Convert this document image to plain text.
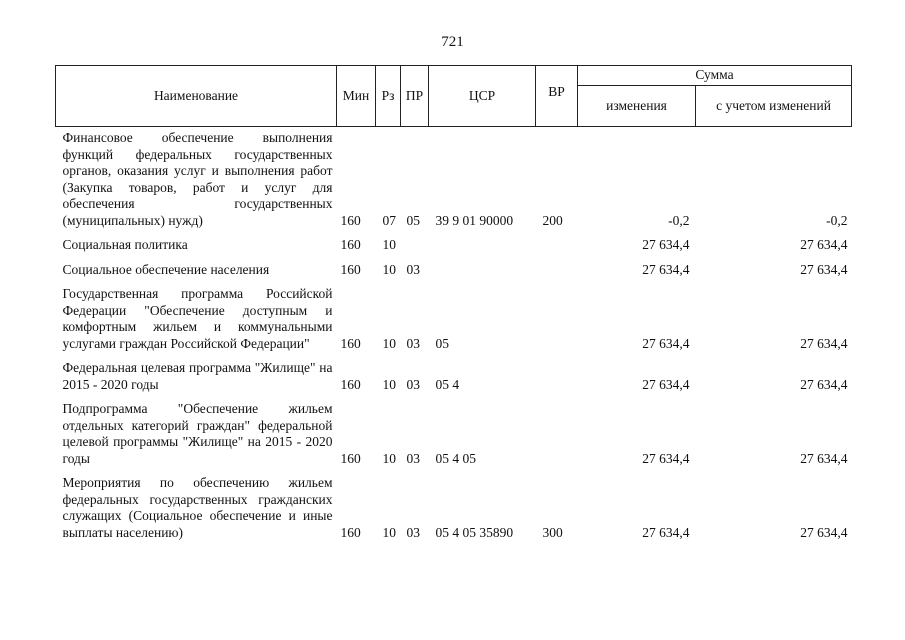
721
Наименование	Мин	Рз	ПР	ЦСР	ВР	Сумма	
						изменения	с учетом изменений
Финансовое обеспечение выполнения функций федеральных государственных органов, оказания услуг и выполнения работ (Закупка товаров, работ и услуг для обеспечения государственных (муниципальных) нужд)	160	07	05	39 9 01 90000	200	-0,2	-0,2
Социальная политика	160	10				27 634,4	27 634,4
Социальное обеспечение населения	160	10	03			27 634,4	27 634,4
Государственная программа Российской Федерации "Обеспечение доступным и комфортным жильем и коммунальными услугами граждан Российской Федерации"	160	10	03	05		27 634,4	27 634,4
Федеральная целевая программа "Жилище" на 2015 - 2020 годы	160	10	03	05 4		27 634,4	27 634,4
Подпрограмма "Обеспечение жильем отдельных категорий граждан" федеральной целевой программы "Жилище" на 2015 - 2020 годы	160	10	03	05 4 05		27 634,4	27 634,4
Мероприятия по обеспечению жильем федеральных государственных гражданских служащих (Социальное обеспечение и иные выплаты населению)	160	10	03	05 4 05 35890	300	27 634,4	27 634,4
